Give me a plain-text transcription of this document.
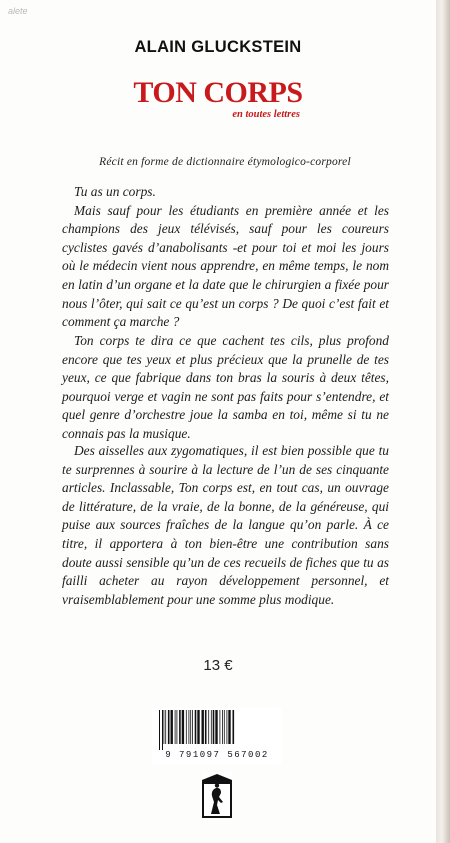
alete
ALAIN GLUCKSTEIN
TON CORPS
en toutes lettres
Récit en forme de dictionnaire étymologico-corporel

Tu as un corps.

Mais sauf pour les étudiants en première année et les champions des jeux télévisés, sauf pour les coureurs cyclistes gavés d’anabolisants -et pour toi et moi les jours où le médecin vient nous apprendre, en même temps, le nom en latin d’un organe et la date que le chirurgien a fixée pour nous l’ôter, qui sait ce qu’est un corps ? De quoi c’est fait et comment ça marche ?

Ton corps te dira ce que cachent tes cils, plus profond encore que tes yeux et plus précieux que la prunelle de tes yeux, ce que fabrique dans ton bras la souris à deux têtes, pourquoi verge et vagin ne sont pas faits pour s’entendre, et quel genre d’orchestre joue la samba en toi, même si tu ne connais pas la musique.

Des aisselles aux zygomatiques, il est bien possible que tu te surprennes à sourire à la lecture de l’un de ses cinquante articles. Inclassable, Ton corps est, en tout cas, un ouvrage de littérature, de la vraie, de la bonne, de la généreuse, qui puise aux sources fraîches de la langue qu’on parle. À ce titre, il apportera à ton bien-être une contribution sans doute aussi sensible qu’un de ces recueils de fiches que tu as failli acheter au rayon développement personnel, et vraisemblablement pour une somme plus modique.

13 €
9 791097 567002
